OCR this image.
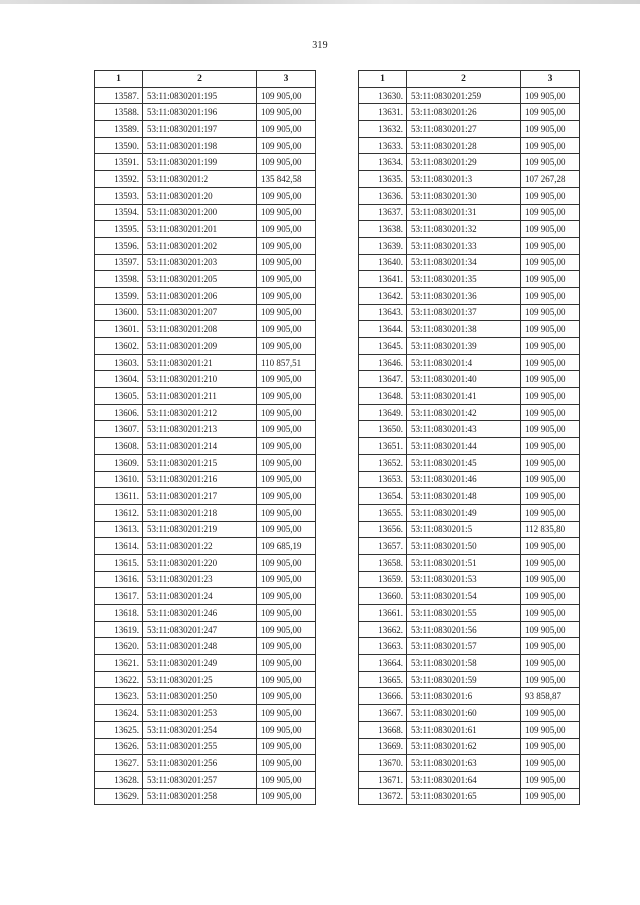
319
1	2	3
13587.	53:11:0830201:195	109 905,00
13588.	53:11:0830201:196	109 905,00
13589.	53:11:0830201:197	109 905,00
13590.	53:11:0830201:198	109 905,00
13591.	53:11:0830201:199	109 905,00
13592.	53:11:0830201:2	135 842,58
13593.	53:11:0830201:20	109 905,00
13594.	53:11:0830201:200	109 905,00
13595.	53:11:0830201:201	109 905,00
13596.	53:11:0830201:202	109 905,00
13597.	53:11:0830201:203	109 905,00
13598.	53:11:0830201:205	109 905,00
13599.	53:11:0830201:206	109 905,00
13600.	53:11:0830201:207	109 905,00
13601.	53:11:0830201:208	109 905,00
13602.	53:11:0830201:209	109 905,00
13603.	53:11:0830201:21	110 857,51
13604.	53:11:0830201:210	109 905,00
13605.	53:11:0830201:211	109 905,00
13606.	53:11:0830201:212	109 905,00
13607.	53:11:0830201:213	109 905,00
13608.	53:11:0830201:214	109 905,00
13609.	53:11:0830201:215	109 905,00
13610.	53:11:0830201:216	109 905,00
13611.	53:11:0830201:217	109 905,00
13612.	53:11:0830201:218	109 905,00
13613.	53:11:0830201:219	109 905,00
13614.	53:11:0830201:22	109 685,19
13615.	53:11:0830201:220	109 905,00
13616.	53:11:0830201:23	109 905,00
13617.	53:11:0830201:24	109 905,00
13618.	53:11:0830201:246	109 905,00
13619.	53:11:0830201:247	109 905,00
13620.	53:11:0830201:248	109 905,00
13621.	53:11:0830201:249	109 905,00
13622.	53:11:0830201:25	109 905,00
13623.	53:11:0830201:250	109 905,00
13624.	53:11:0830201:253	109 905,00
13625.	53:11:0830201:254	109 905,00
13626.	53:11:0830201:255	109 905,00
13627.	53:11:0830201:256	109 905,00
13628.	53:11:0830201:257	109 905,00
13629.	53:11:0830201:258	109 905,00
1	2	3
13630.	53:11:0830201:259	109 905,00
13631.	53:11:0830201:26	109 905,00
13632.	53:11:0830201:27	109 905,00
13633.	53:11:0830201:28	109 905,00
13634.	53:11:0830201:29	109 905,00
13635.	53:11:0830201:3	107 267,28
13636.	53:11:0830201:30	109 905,00
13637.	53:11:0830201:31	109 905,00
13638.	53:11:0830201:32	109 905,00
13639.	53:11:0830201:33	109 905,00
13640.	53:11:0830201:34	109 905,00
13641.	53:11:0830201:35	109 905,00
13642.	53:11:0830201:36	109 905,00
13643.	53:11:0830201:37	109 905,00
13644.	53:11:0830201:38	109 905,00
13645.	53:11:0830201:39	109 905,00
13646.	53:11:0830201:4	109 905,00
13647.	53:11:0830201:40	109 905,00
13648.	53:11:0830201:41	109 905,00
13649.	53:11:0830201:42	109 905,00
13650.	53:11:0830201:43	109 905,00
13651.	53:11:0830201:44	109 905,00
13652.	53:11:0830201:45	109 905,00
13653.	53:11:0830201:46	109 905,00
13654.	53:11:0830201:48	109 905,00
13655.	53:11:0830201:49	109 905,00
13656.	53:11:0830201:5	112 835,80
13657.	53:11:0830201:50	109 905,00
13658.	53:11:0830201:51	109 905,00
13659.	53:11:0830201:53	109 905,00
13660.	53:11:0830201:54	109 905,00
13661.	53:11:0830201:55	109 905,00
13662.	53:11:0830201:56	109 905,00
13663.	53:11:0830201:57	109 905,00
13664.	53:11:0830201:58	109 905,00
13665.	53:11:0830201:59	109 905,00
13666.	53:11:0830201:6	93 858,87
13667.	53:11:0830201:60	109 905,00
13668.	53:11:0830201:61	109 905,00
13669.	53:11:0830201:62	109 905,00
13670.	53:11:0830201:63	109 905,00
13671.	53:11:0830201:64	109 905,00
13672.	53:11:0830201:65	109 905,00
